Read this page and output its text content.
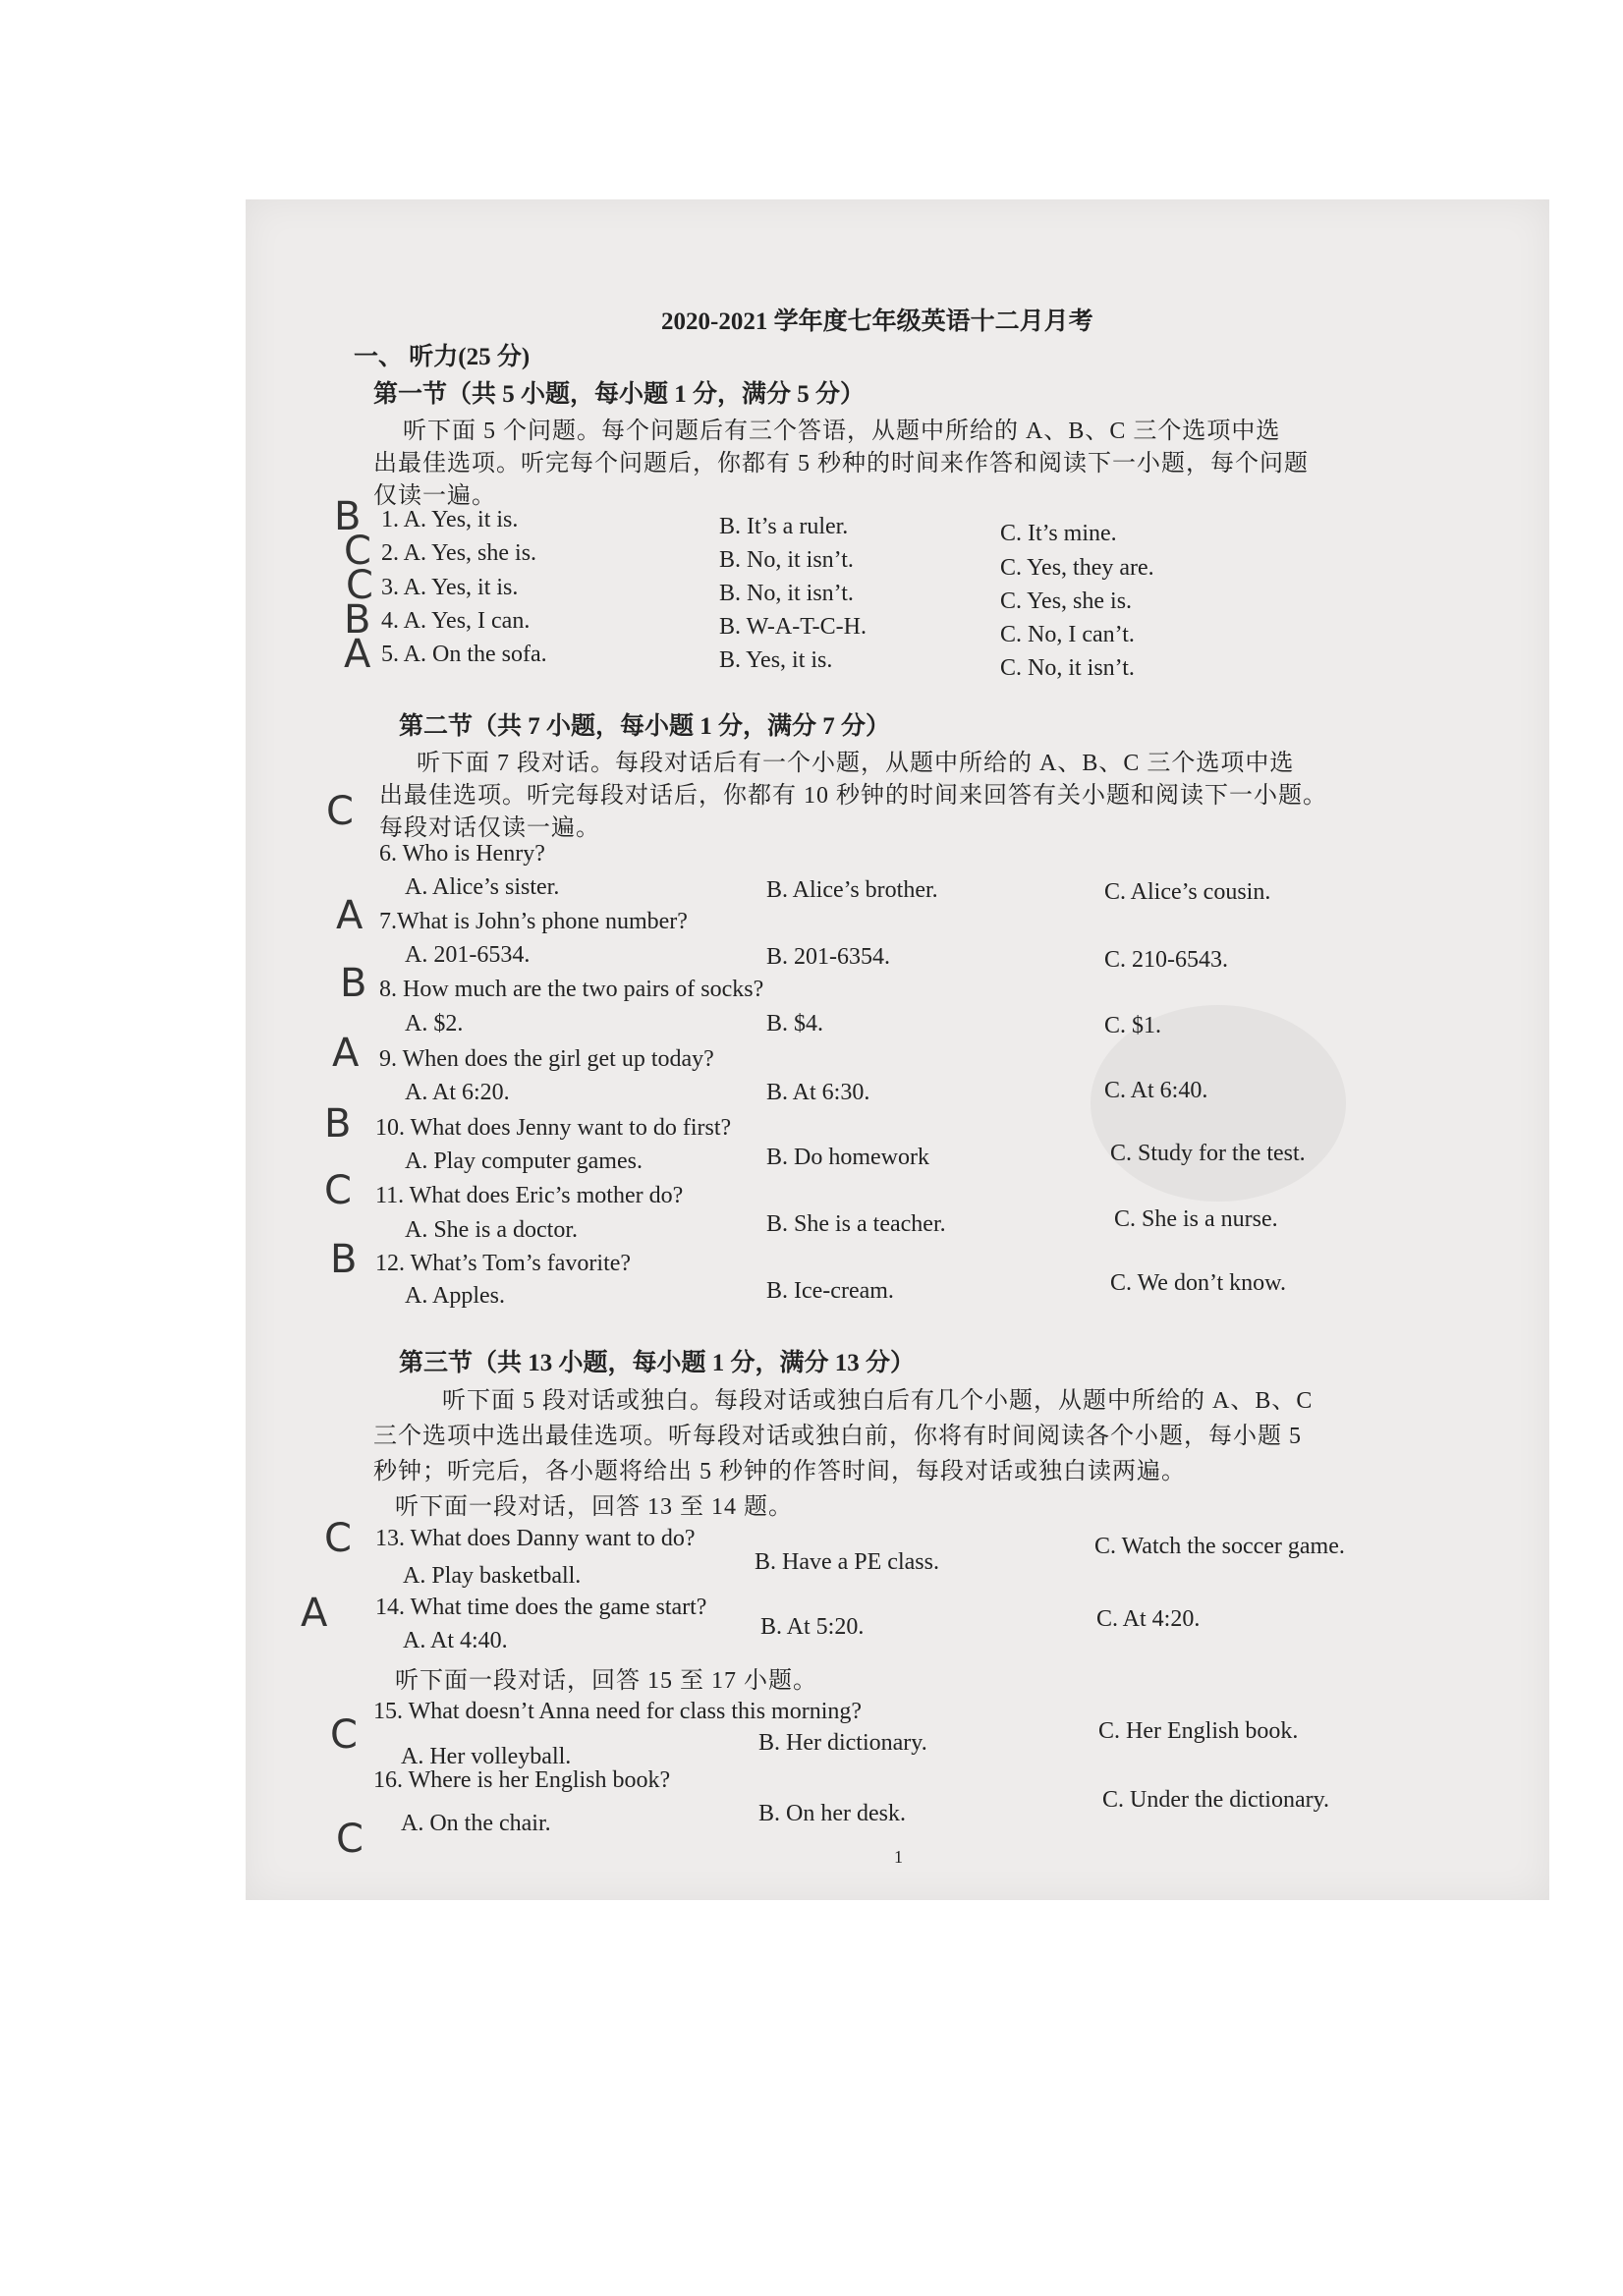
2020-2021 学年度七年级英语十二月月考
一、 听力(25 分)
第一节（共 5 小题，每小题 1 分，满分 5 分）
听下面 5 个问题。每个问题后有三个答语，从题中所给的 A、B、C 三个选项中选
出最佳选项。听完每个问题后，你都有 5 秒种的时间来作答和阅读下一小题，每个问题
仅读一遍。
B 1. A. Yes, it is.	B. It’s a ruler.	C. It’s mine.
C 2. A. Yes, she is.	B. No, it isn’t.	C. Yes, they are.
C 3. A. Yes, it is.	B. No, it isn’t.	C. Yes, she is.
B 4. A. Yes, I can.	B. W-A-T-C-H.	C. No, I can’t.
A 5. A. On the sofa.	B. Yes, it is.	C. No, it isn’t.
第二节（共 7 小题，每小题 1 分，满分 7 分）
听下面 7 段对话。每段对话后有一个小题，从题中所给的 A、B、C 三个选项中选
出最佳选项。听完每段对话后，你都有 10 秒钟的时间来回答有关小题和阅读下一小题。
每段对话仅读一遍。
C
6. Who is Henry?
A. Alice’s sister.	B. Alice’s brother.	C. Alice’s cousin.
A 7.What is John’s phone number?
A. 201-6534.	B. 201-6354.	C. 210-6543.
B 8. How much are the two pairs of socks?
A. $2.	B. $4.	C. $1.
A 9. When does the girl get up today?
A. At 6:20.	B. At 6:30.	C. At 6:40.
B 10. What does Jenny want to do first?
A. Play computer games.	B. Do homework	C. Study for the test.
C 11. What does Eric’s mother do?
A. She is a doctor.	B. She is a teacher.	C. She is a nurse.
B 12. What’s Tom’s favorite?
A. Apples.	B. Ice-cream.	C. We don’t know.
第三节（共 13 小题，每小题 1 分，满分 13 分）
听下面 5 段对话或独白。每段对话或独白后有几个小题，从题中所给的 A、B、C
三个选项中选出最佳选项。听每段对话或独白前，你将有时间阅读各个小题，每小题 5
秒钟；听完后，各小题将给出 5 秒钟的作答时间，每段对话或独白读两遍。
听下面一段对话，回答 13 至 14 题。
C 13. What does Danny want to do?
A. Play basketball.
B. Have a PE class.
C. Watch the soccer game.
A 14. What time does the game start?
A. At 4:40.
B. At 5:20.	C. At 4:20.
听下面一段对话，回答 15 至 17 小题。
C
15. What doesn’t Anna need for class this morning?
A. Her volleyball.
B. Her dictionary.	C. Her English book.
16. Where is her English book?
C A. On the chair.	B. On her desk.
C. Under the dictionary.
1
